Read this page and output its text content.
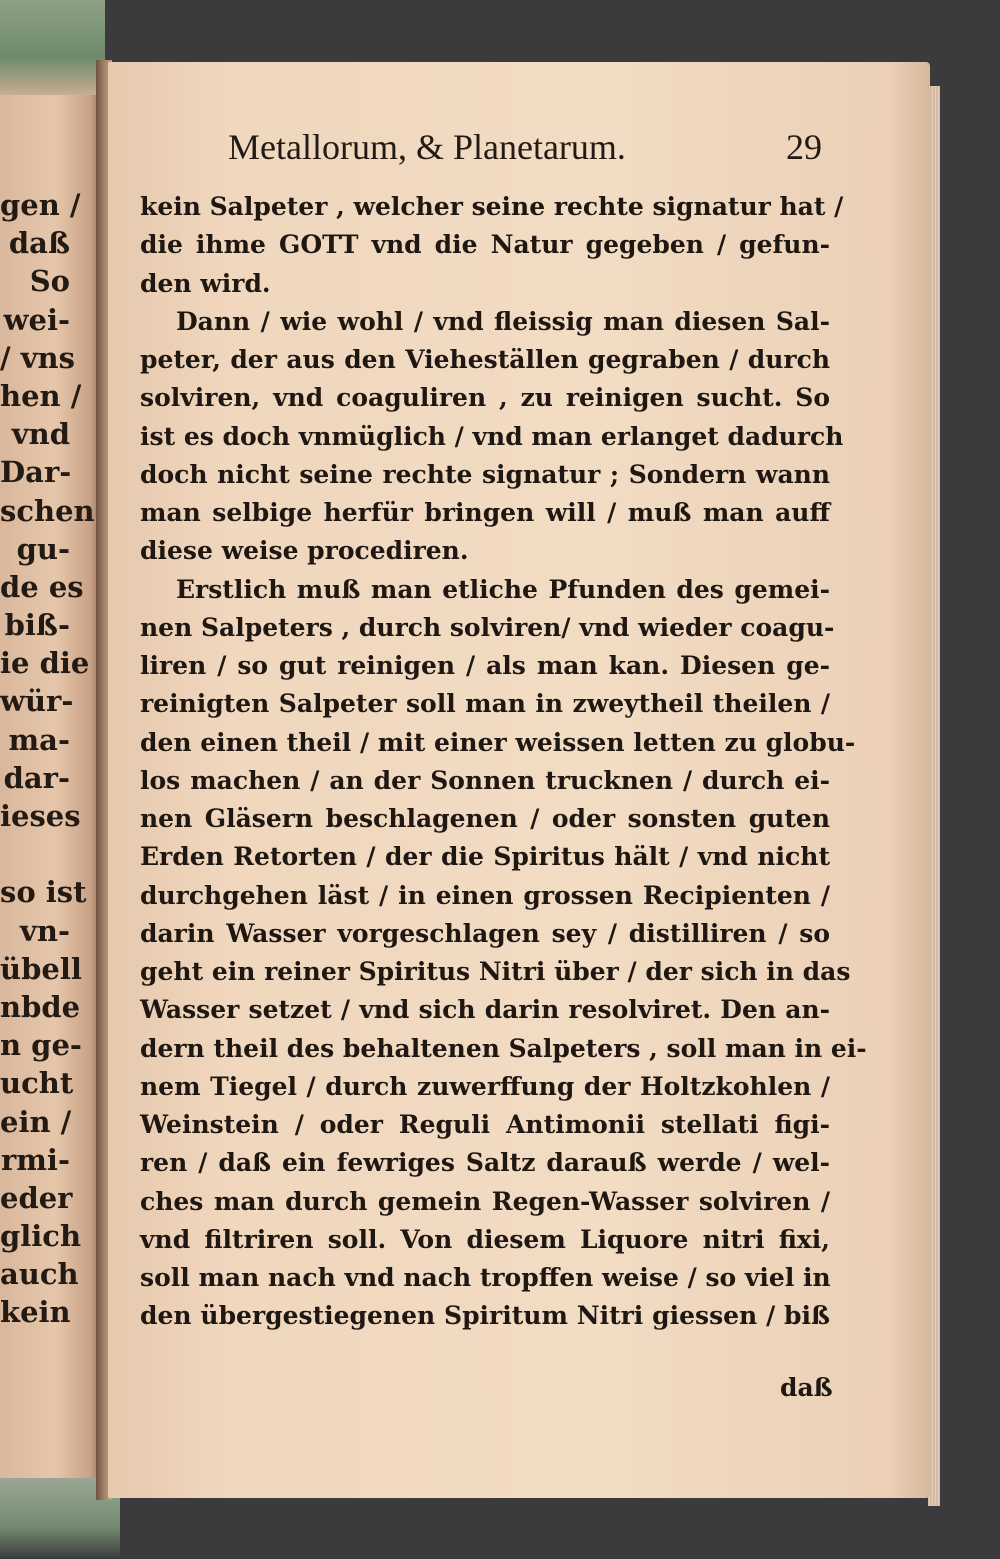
gen /
daß
So
wei-
/ vns
hen /
vnd
Dar-
schen
gu-
de es
biß-
ie die
wür-
ma-
dar-
ieses
so ist
vn-
übell
nbde
n ge-
ucht
ein /
rmi-
eder
glich
auch
kein
Metallorum, & Planetarum.	29
kein Salpeter , welcher seine rechte signatur hat /
die ihme GOTT vnd die Natur gegeben / gefun-
den wird.
Dann / wie wohl / vnd fleissig man diesen Sal-
peter, der aus den Vieheställen gegraben / durch
solviren, vnd coaguliren , zu reinigen sucht. So
ist es doch vnmüglich / vnd man erlanget dadurch
doch nicht seine rechte signatur ; Sondern wann
man selbige herfür bringen will / muß man auff
diese weise procediren.
Erstlich muß man etliche Pfunden des gemei-
nen Salpeters , durch solviren/ vnd wieder coagu-
liren / so gut reinigen / als man kan. Diesen ge-
reinigten Salpeter soll man in zweytheil theilen /
den einen theil / mit einer weissen letten zu globu-
los machen / an der Sonnen trucknen / durch ei-
nen Gläsern beschlagenen / oder sonsten guten
Erden Retorten / der die Spiritus hält / vnd nicht
durchgehen läst / in einen grossen Recipienten /
darin Wasser vorgeschlagen sey / distilliren / so
geht ein reiner Spiritus Nitri über / der sich in das
Wasser setzet / vnd sich darin resolviret. Den an-
dern theil des behaltenen Salpeters , soll man in ei-
nem Tiegel / durch zuwerffung der Holtzkohlen /
Weinstein / oder Reguli Antimonii stellati figi-
ren / daß ein fewriges Saltz darauß werde / wel-
ches man durch gemein Regen-Wasser solviren /
vnd filtriren soll. Von diesem Liquore nitri fixi,
soll man nach vnd nach tropffen weise / so viel in
den übergestiegenen Spiritum Nitri giessen / biß
daß
